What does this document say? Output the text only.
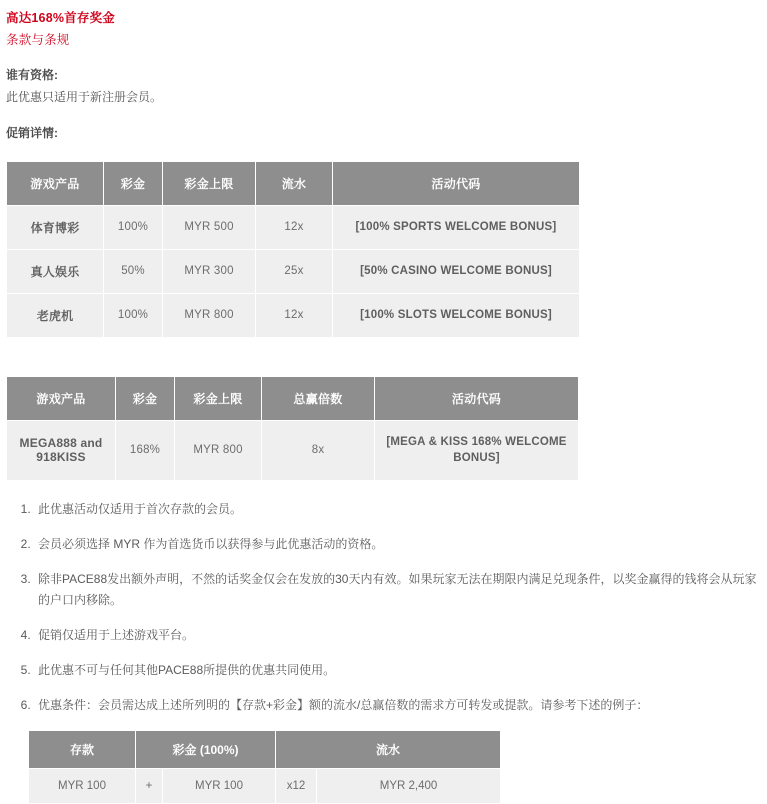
高达168%首存奖金
条款与条规
谁有资格:
此优惠只适用于新注册会员。
促销详情:
游戏产品	彩金	彩金上限	流水	活动代码
体育博彩	100%	MYR 500	12x	[100% SPORTS WELCOME BONUS]
真人娱乐	50%	MYR 300	25x	[50% CASINO WELCOME BONUS]
老虎机	100%	MYR 800	12x	[100% SLOTS WELCOME BONUS]
游戏产品	彩金	彩金上限	总赢倍数	活动代码
MEGA888 and 918KISS	168%	MYR 800	8x	[MEGA & KISS 168% WELCOME BONUS]
1. 此优惠活动仅适用于首次存款的会员。
2. 会员必须选择 MYR 作为首选货币以获得参与此优惠活动的资格。
3. 除非PACE88发出额外声明，不然的话奖金仅会在发放的30天内有效。如果玩家无法在期限内满足兑现条件，以奖金赢得的钱将会从玩家的户口内移除。
4. 促销仅适用于上述游戏平台。
5. 此优惠不可与任何其他PACE88所提供的优惠共同使用。
6. 优惠条件：会员需达成上述所列明的【存款+彩金】额的流水/总赢倍数的需求方可转发或提款。请参考下述的例子：
存款	彩金 (100%)		流水	
MYR 100	+	MYR 100	x12	MYR 2,400
